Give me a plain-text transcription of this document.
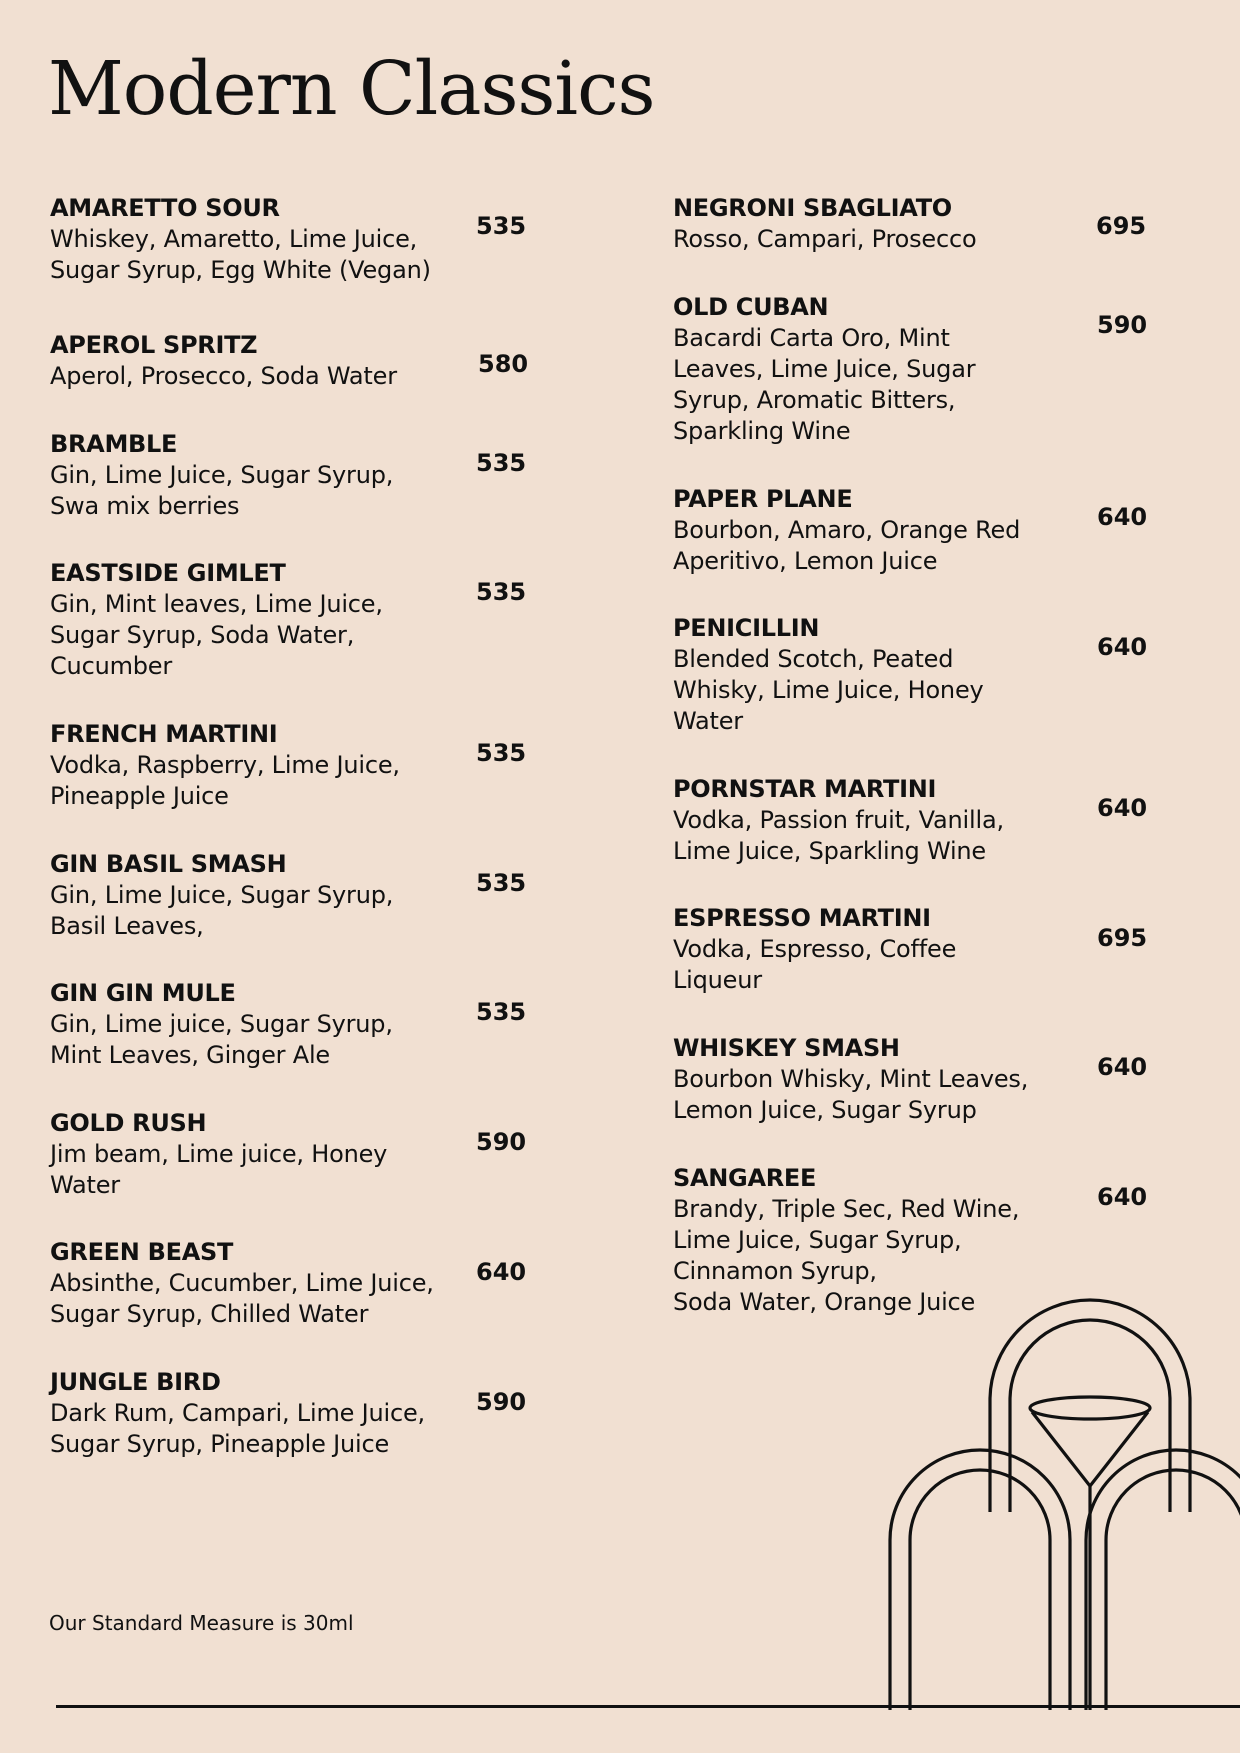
Modern Classics
AMARETTO SOUR
Whiskey, Amaretto, Lime Juice,
Sugar Syrup, Egg White (Vegan)
535
APEROL SPRITZ
Aperol, Prosecco, Soda Water	580
BRAMBLE
Gin, Lime Juice, Sugar Syrup,
Swa mix berries
535
EASTSIDE GIMLET
Gin, Mint leaves, Lime Juice,
Sugar Syrup, Soda Water,
Cucumber
535
FRENCH MARTINI
Vodka, Raspberry, Lime Juice,
Pineapple Juice
535
GIN BASIL SMASH
Gin, Lime Juice, Sugar Syrup,
Basil Leaves,
535
GIN GIN MULE
Gin, Lime juice, Sugar Syrup,
Mint Leaves, Ginger Ale
535
GOLD RUSH
Jim beam, Lime juice, Honey
Water
590
GREEN BEAST
Absinthe, Cucumber, Lime Juice,
Sugar Syrup, Chilled Water
640
JUNGLE BIRD
Dark Rum, Campari, Lime Juice,
Sugar Syrup, Pineapple Juice
590
NEGRONI SBAGLIATO
Rosso, Campari, Prosecco	695
OLD CUBAN
Bacardi Carta Oro, Mint
Leaves, Lime Juice, Sugar
Syrup, Aromatic Bitters,
Sparkling Wine
590
PAPER PLANE
Bourbon, Amaro, Orange Red
Aperitivo, Lemon Juice
640
PENICILLIN
Blended Scotch, Peated
Whisky, Lime Juice, Honey
Water
640
PORNSTAR MARTINI
Vodka, Passion fruit, Vanilla,
Lime Juice, Sparkling Wine
640
ESPRESSO MARTINI
Vodka, Espresso, Coffee
Liqueur
695
WHISKEY SMASH
Bourbon Whisky, Mint Leaves,
Lemon Juice, Sugar Syrup
640
SANGAREE
Brandy, Triple Sec, Red Wine,
Lime Juice, Sugar Syrup,
Cinnamon Syrup,
Soda Water, Orange Juice
640
Our Standard Measure is 30ml
